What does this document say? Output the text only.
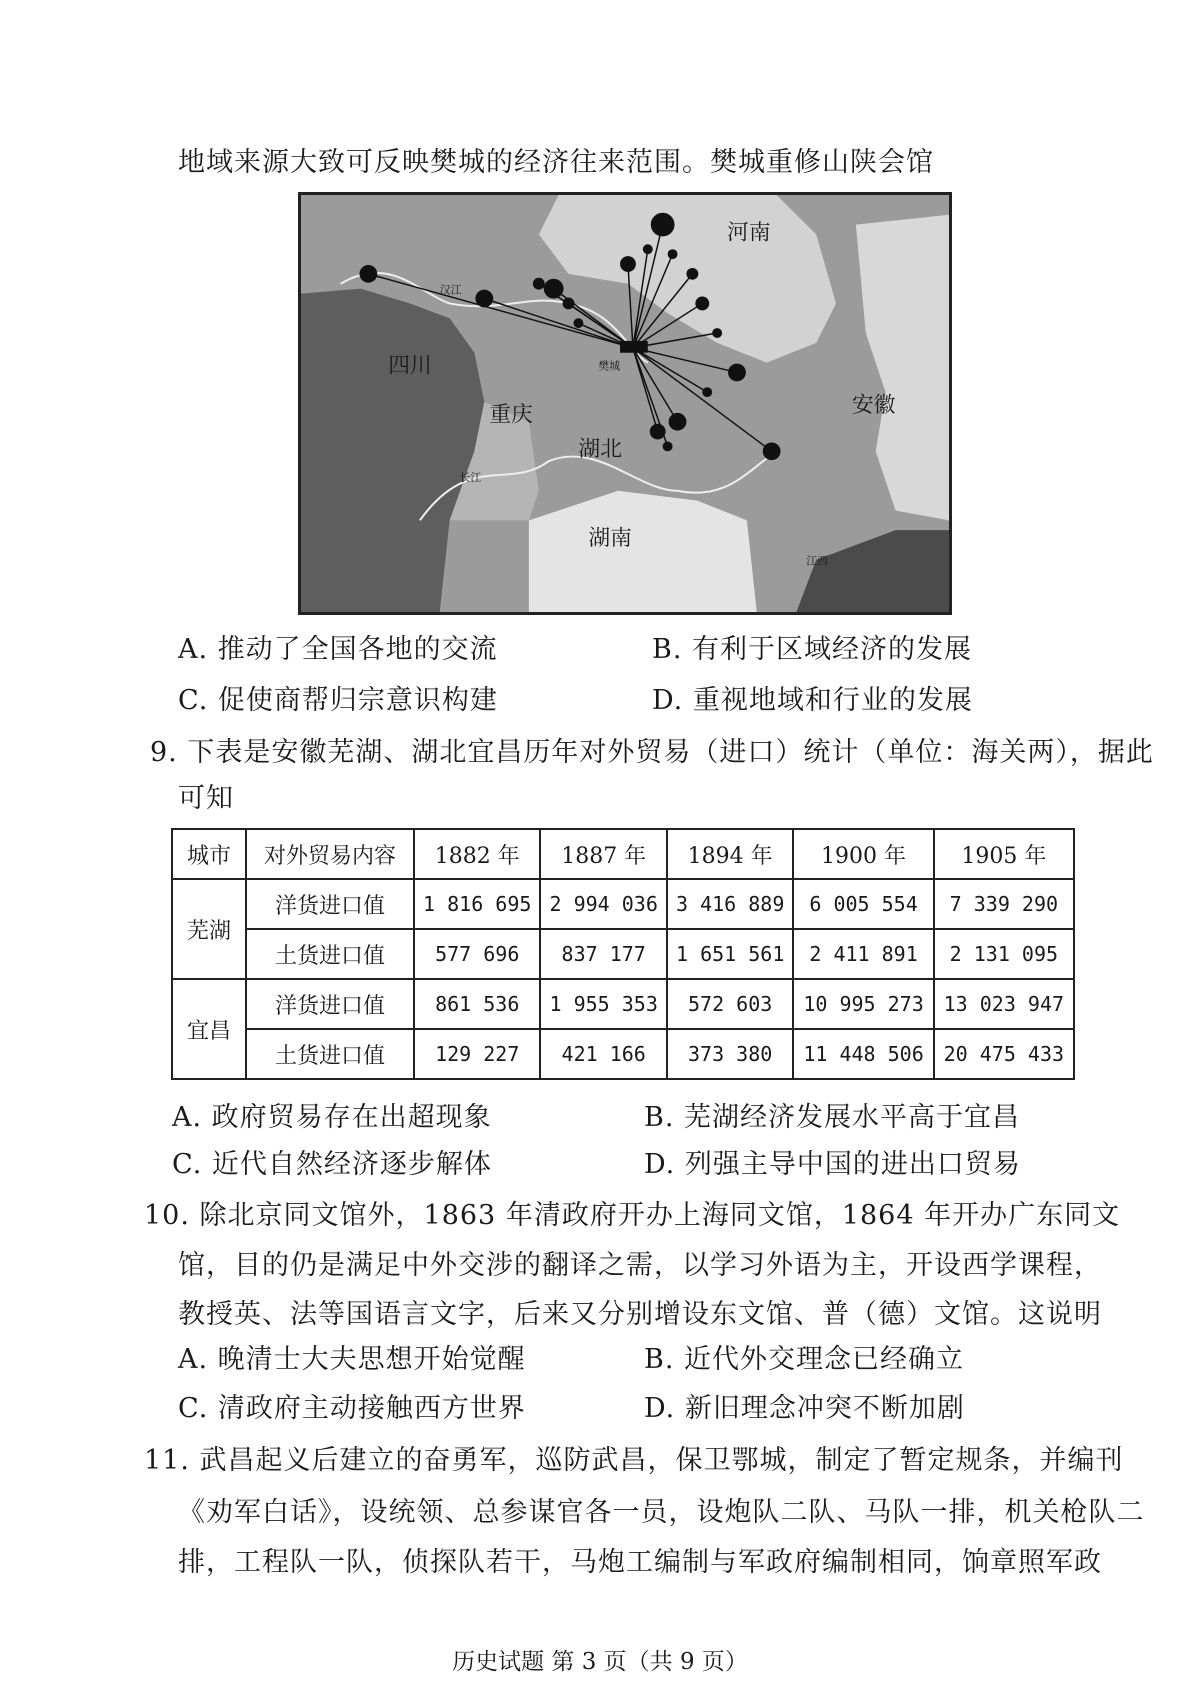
地域来源大致可反映樊城的经济往来范围。樊城重修山陕会馆
河南
四川
重庆
湖北
湖南
安徽
江西
樊城
汉江
长江
A. 推动了全国各地的交流	B. 有利于区域经济的发展
C. 促使商帮归宗意识构建	D. 重视地域和行业的发展
9. 下表是安徽芜湖、湖北宜昌历年对外贸易（进口）统计（单位：海关两），据此
可知
城市	对外贸易内容	1882 年	1887 年	1894 年	1900 年	1905 年
芜湖	洋货进口值	1 816 695	2 994 036	3 416 889	6 005 554	7 339 290
	土货进口值	577 696	837 177	1 651 561	2 411 891	2 131 095
宜昌	洋货进口值	861 536	1 955 353	572 603	10 995 273	13 023 947
	土货进口值	129 227	421 166	373 380	11 448 506	20 475 433
A. 政府贸易存在出超现象	B. 芜湖经济发展水平高于宜昌
C. 近代自然经济逐步解体	D. 列强主导中国的进出口贸易
10. 除北京同文馆外，1863 年清政府开办上海同文馆，1864 年开办广东同文
馆，目的仍是满足中外交涉的翻译之需，以学习外语为主，开设西学课程，
教授英、法等国语言文字，后来又分别增设东文馆、普（德）文馆。这说明
A. 晚清士大夫思想开始觉醒	B. 近代外交理念已经确立
C. 清政府主动接触西方世界	D. 新旧理念冲突不断加剧
11. 武昌起义后建立的奋勇军，巡防武昌，保卫鄂城，制定了暂定规条，并编刊
《劝军白话》，设统领、总参谋官各一员，设炮队二队、马队一排，机关枪队二
排，工程队一队，侦探队若干，马炮工编制与军政府编制相同，饷章照军政
历史试题 第 3 页（共 9 页）
